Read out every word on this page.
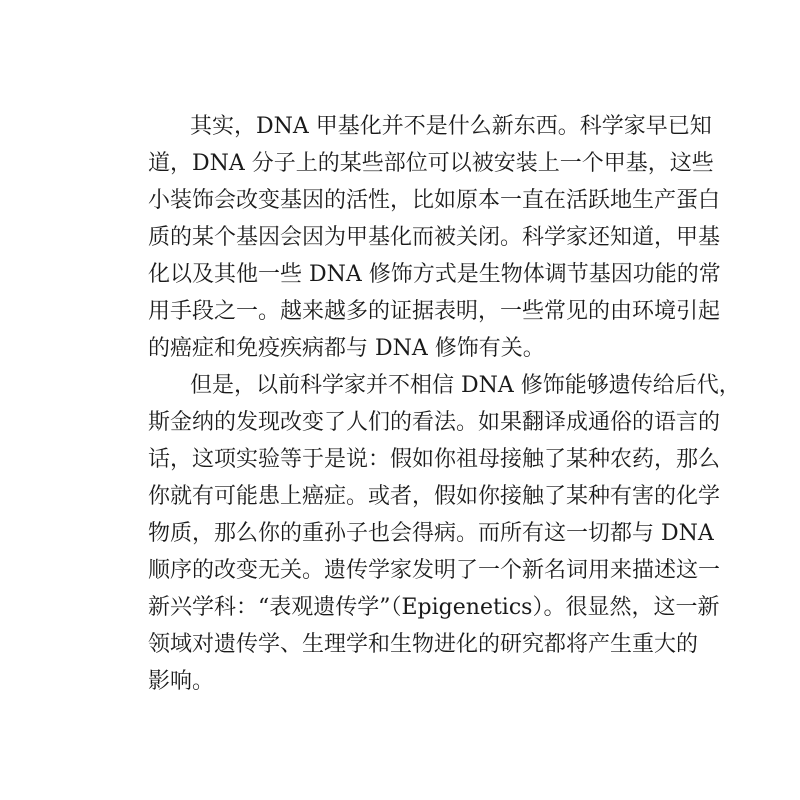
其实，DNA 甲基化并不是什么新东西。科学家早已知
道，DNA 分子上的某些部位可以被安装上一个甲基，这些
小装饰会改变基因的活性，比如原本一直在活跃地生产蛋白
质的某个基因会因为甲基化而被关闭。科学家还知道，甲基
化以及其他一些 DNA 修饰方式是生物体调节基因功能的常
用手段之一。越来越多的证据表明，一些常见的由环境引起
的癌症和免疫疾病都与 DNA 修饰有关。
但是，以前科学家并不相信 DNA 修饰能够遗传给后代，
斯金纳的发现改变了人们的看法。如果翻译成通俗的语言的
话，这项实验等于是说：假如你祖母接触了某种农药，那么
你就有可能患上癌症。或者，假如你接触了某种有害的化学
物质，那么你的重孙子也会得病。而所有这一切都与 DNA
顺序的改变无关。遗传学家发明了一个新名词用来描述这一
新兴学科：“表观遗传学”（Epigenetics）。很显然，这一新
领域对遗传学、生理学和生物进化的研究都将产生重大的
影响。
